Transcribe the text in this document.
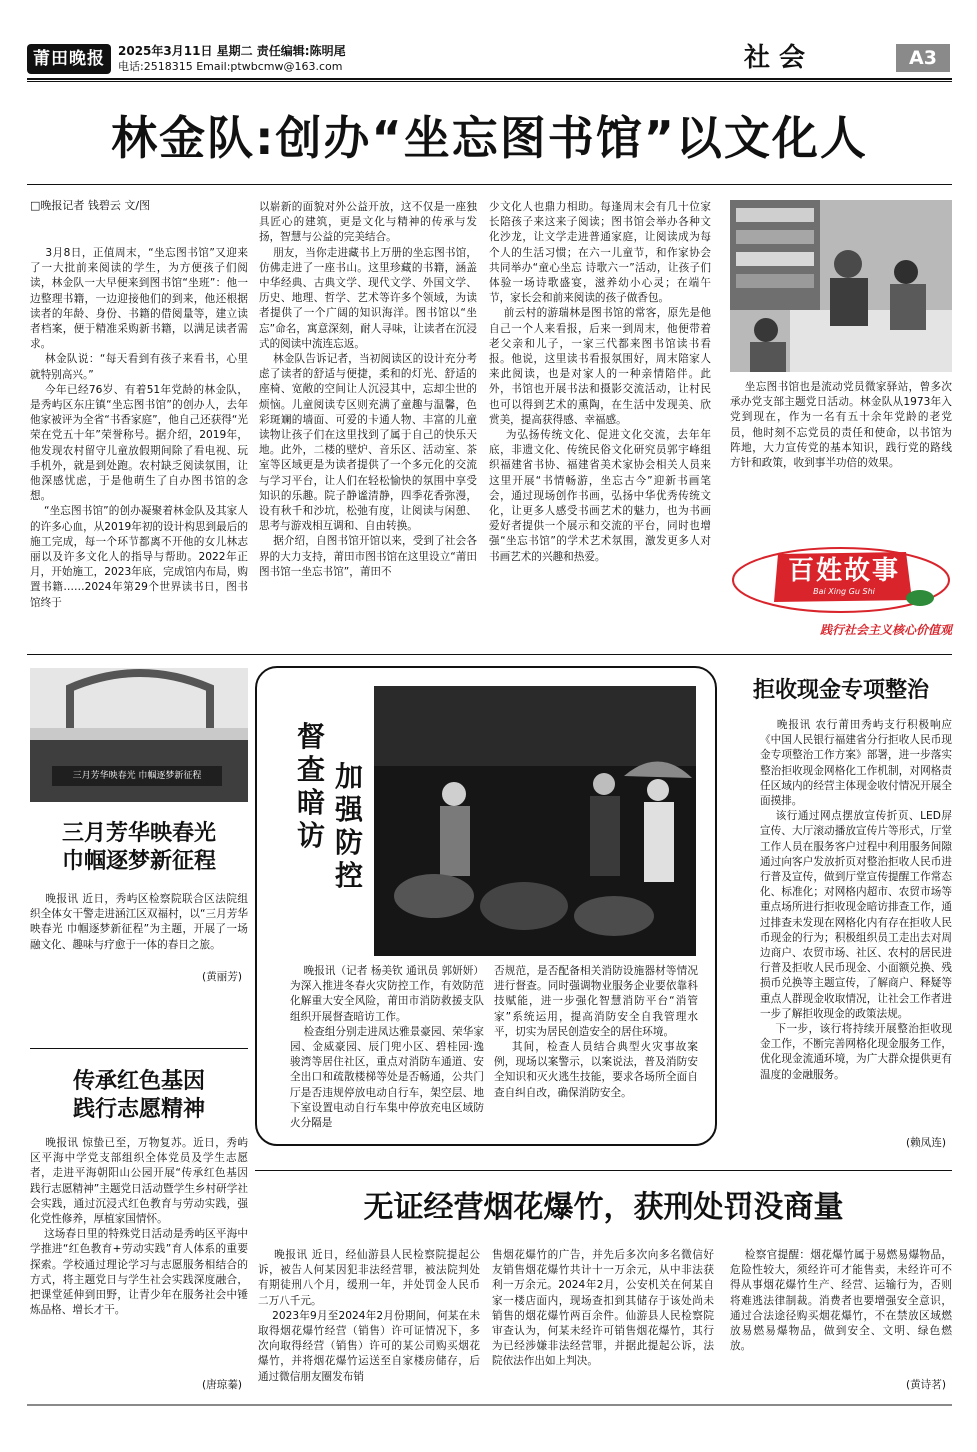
莆田晚报	2025年3月11日 星期二 责任编辑:陈明尾
电话:2518315 Email:ptwbcmw@163.com	社 会	A3
林金队:创办“坐忘图书馆”以文化人
□晚报记者 钱碧云 文/图
3月8日，正值周末，“坐忘图书馆”又迎来了一大批前来阅读的学生，为方便孩子们阅读，林金队一大早便来到图书馆“坐班”：他一边整理书籍，一边迎接他们的到来，他还根据读者的年龄、身份、书籍的借阅量等，建立读者档案，便于精准采购新书籍，以满足读者需求。
林金队说：“每天看到有孩子来看书，心里就特别高兴。”
今年已经76岁、有着51年党龄的林金队，是秀屿区东庄镇“坐忘图书馆”的创办人，去年他家被评为全省“书香家庭”，他自己还获得“光荣在党五十年”荣誉称号。据介绍，2019年，他发现农村留守儿童放假期间除了看电视、玩手机外，就是到处跑。农村缺乏阅读氛围，让他深感忧虑，于是他萌生了自办图书馆的念想。
“坐忘图书馆”的创办凝聚着林金队及其家人的许多心血，从2019年初的设计构思到最后的施工完成，每一个环节都离不开他的女儿林志丽以及许多文化人的指导与帮助。2022年正月，开始施工，2023年底，完成馆内布局，购置书籍……2024年第29个世界读书日，图书馆终于
以崭新的面貌对外公益开放，这不仅是一座独具匠心的建筑，更是文化与精神的传承与发扬，智慧与公益的完美结合。
朋友，当你走进藏书上万册的坐忘图书馆，仿佛走进了一座书山。这里珍藏的书籍，涵盖中华经典、古典文学、现代文学、外国文学、历史、地理、哲学、艺术等许多个领域，为读者提供了一个广阔的知识海洋。图书馆以“坐忘”命名，寓意深刻，耐人寻味，让读者在沉浸式的阅读中流连忘返。
林金队告诉记者，当初阅读区的设计充分考虑了读者的舒适与便捷，柔和的灯光、舒适的座椅、宽敞的空间让人沉浸其中，忘却尘世的烦恼。儿童阅读专区则充满了童趣与温馨，色彩斑斓的墙面、可爱的卡通人物、丰富的儿童读物让孩子们在这里找到了属于自己的快乐天地。此外，二楼的壁炉、音乐区、活动室、茶室等区域更是为读者提供了一个多元化的交流与学习平台，让人们在轻松愉快的氛围中享受知识的乐趣。院子静谧清静，四季花香弥漫，设有秋千和沙坑，松弛有度，让阅读与闲憩、思考与游戏相互调和、自由转换。
据介绍，自图书馆开馆以来，受到了社会各界的大力支持，莆田市图书馆在这里设立“莆田图书馆一坐忘书馆”，莆田不
少文化人也鼎力相助。每逢周末会有几十位家长陪孩子来这来子阅读；图书馆会举办各种文化沙龙，让文学走进普通家庭，让阅读成为每个人的生活习惯；在六一儿童节，和作家协会共同举办“童心坐忘 诗歌六一”活动，让孩子们体验一场诗歌盛宴，滋养幼小心灵；在端午节，家长会和前来阅读的孩子做香包。
前云村的游瑞林是图书馆的常客，原先是他自己一个人来看报，后来一到周末，他便带着老父亲和儿子，一家三代都来图书馆读书看报。他说，这里读书看报氛围好，周末陪家人来此阅读，也是对家人的一种亲情陪伴。此外，书馆也开展书法和摄影交流活动，让村民也可以得到艺术的熏陶，在生活中发现美、欣赏美，提高获得感、幸福感。
为弘扬传统文化、促进文化交流，去年年底，非遗文化、传统民俗文化研究员郭宇峰组织福建省书协、福建省美术家协会相关人员来这里开展“书情畅游，坐忘古今”迎新书画笔会，通过现场创作书画，弘扬中华优秀传统文化，让更多人感受书画艺术的魅力，也为书画爱好者提供一个展示和交流的平台，同时也增强“坐忘书馆”的学术艺术氛围，激发更多人对书画艺术的兴趣和热爱。
坐忘图书馆也是流动党员微家驿站，曾多次承办党支部主题党日活动。林金队从1973年入党到现在，作为一名有五十余年党龄的老党员，他时刻不忘党员的责任和使命，以书馆为阵地，大力宣传党的基本知识，践行党的路线方针和政策，收到事半功倍的效果。
百姓故事
Bai Xing Gu Shi
践行社会主义核心价值观
三月芳华映春光 巾帼逐梦新征程
三月芳华映春光
巾帼逐梦新征程
晚报讯 近日，秀屿区检察院联合区法院组织全体女干警走进涵江区双福村，以“三月芳华映春光 巾帼逐梦新征程”为主题，开展了一场融文化、趣味与疗愈于一体的春日之旅。
(黄丽芳)
传承红色基因
践行志愿精神
晚报讯 惊蛰已至，万物复苏。近日，秀屿区平海中学党支部组织全体党员及学生志愿者，走进平海朝阳山公园开展“传承红色基因 践行志愿精神”主题党日活动暨学生乡村研学社会实践，通过沉浸式红色教育与劳动实践，强化党性修养，厚植家国情怀。
这场春日里的特殊党日活动是秀屿区平海中学推进“红色教育+劳动实践”育人体系的重要探索。学校通过理论学习与志愿服务相结合的方式，将主题党日与学生社会实践深度融合，把课堂延伸到田野，让青少年在服务社会中锤炼品格、增长才干。
(唐琼蓁)
督查暗访
加强防控
晚报讯（记者 杨美钦 通讯员 郭妍妍）为深入推进冬春火灾防控工作，有效防范化解重大安全风险，莆田市消防救援支队组织开展督查暗访工作。
检查组分别走进凤达雅景豪园、荣华家园、金威豪园、辰门兜小区、碧桂园·逸骏湾等居住社区，重点对消防车通道、安全出口和疏散楼梯等处是否畅通，公共门厅是否违规停放电动自行车，架空层、地下室设置电动自行车集中停放充电区域防火分隔是
否规范，是否配备相关消防设施器材等情况进行督查。同时强调物业服务企业要依靠科技赋能，进一步强化智慧消防平台“消管家”系统运用，提高消防安全自我管理水平，切实为居民创造安全的居住环境。
其间，检查人员结合典型火灾事故案例，现场以案警示，以案说法，普及消防安全知识和灭火逃生技能，要求各场所全面自查自纠自改，确保消防安全。
拒收现金专项整治
晚报讯 农行莆田秀屿支行积极响应《中国人民银行福建省分行拒收人民币现金专项整治工作方案》部署，进一步落实整治拒收现金网格化工作机制，对网格责任区域内的经营主体现金收付情况开展全面摸排。
该行通过网点摆放宣传折页、LED屏宣传、大厅滚动播放宣传片等形式，厅堂工作人员在服务客户过程中利用服务间隙通过向客户发放折页对整治拒收人民币进行普及宣传，做到厅堂宣传提醒工作常态化、标准化；对网格内超市、农贸市场等重点场所进行拒收现金暗访排查工作，通过排查未发现在网格化内有存在拒收人民币现金的行为；积极组织员工走出去对周边商户、农贸市场、社区、农村的居民进行普及拒收人民币现金、小面额兑换、残损币兑换等主题宣传，了解商户、释疑等重点人群现金收取情况，让社会工作者进一步了解拒收现金的政策法规。
下一步，该行将持续开展整治拒收现金工作，不断完善网格化现金服务工作，优化现金流通环境，为广大群众提供更有温度的金融服务。
(赖凤连)
无证经营烟花爆竹，获刑处罚没商量
晚报讯 近日，经仙游县人民检察院提起公诉，被告人何某因犯非法经营罪，被法院判处有期徒刑八个月，缓刑一年，并处罚金人民币二万八千元。
2023年9月至2024年2月份期间，何某在未取得烟花爆竹经营（销售）许可证情况下，多次向取得经营（销售）许可的某公司购买烟花爆竹，并将烟花爆竹运送至自家楼房储存，后通过微信朋友圈发布销
售烟花爆竹的广告，并先后多次向多名微信好友销售烟花爆竹共计十一万余元，从中非法获利一万余元。2024年2月，公安机关在何某自家一楼店面内，现场查扣到其储存于该处尚未销售的烟花爆竹两百余件。仙游县人民检察院审查认为，何某未经许可销售烟花爆竹，其行为已经涉嫌非法经营罪，并据此提起公诉，法院依法作出如上判决。
检察官提醒：烟花爆竹属于易燃易爆物品，危险性较大，须经许可才能售卖，未经许可不得从事烟花爆竹生产、经营、运输行为，否则将难逃法律制裁。消费者也要增强安全意识，通过合法途径购买烟花爆竹，不在禁放区域燃放易燃易爆物品，做到安全、文明、绿色燃放。
(黄诗茗)
